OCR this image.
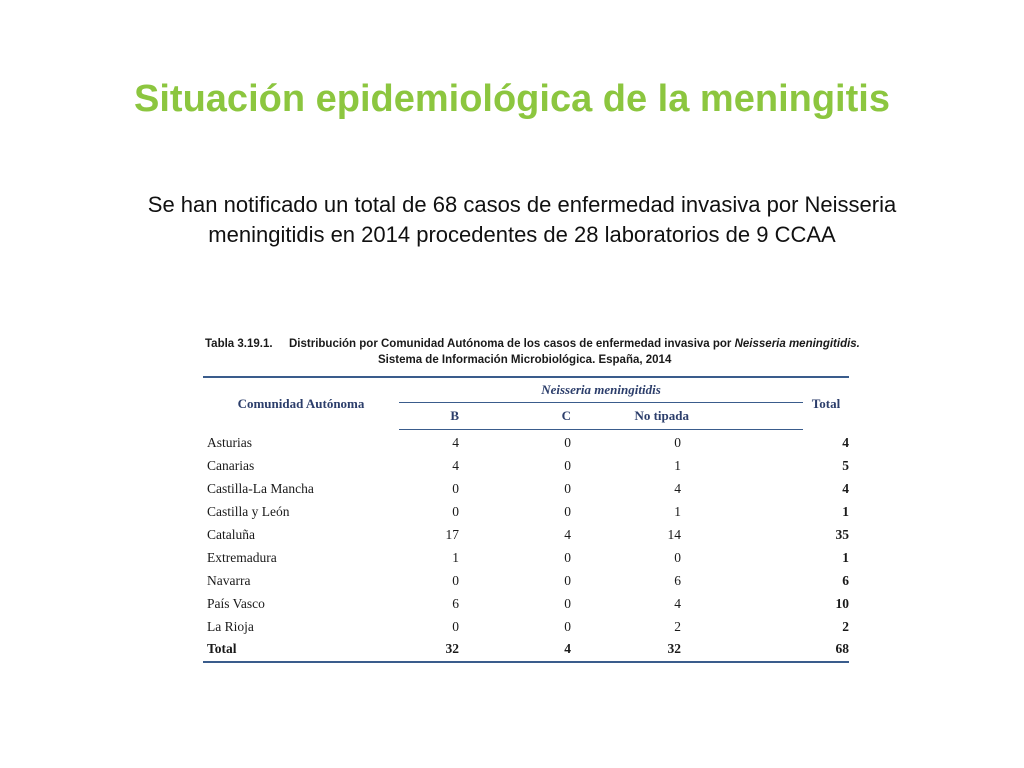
Situación epidemiológica de la meningitis
Se han notificado un total de 68 casos de enfermedad invasiva por Neisseria
meningitidis en 2014 procedentes de 28 laboratorios de 9 CCAA
Tabla 3.19.1. Distribución por Comunidad Autónoma de los casos de enfermedad invasiva por Neisseria meningitidis.
Sistema de Información Microbiológica. España, 2014
Comunidad Autónoma	Neisseria meningitidis				Total
	B	C	No tipada		
Asturias	4	0	0		4
Canarias	4	0	1		5
Castilla-La Mancha	0	0	4		4
Castilla y León	0	0	1		1
Cataluña	17	4	14		35
Extremadura	1	0	0		1
Navarra	0	0	6		6
País Vasco	6	0	4		10
La Rioja	0	0	2		2
Total	32	4	32		68
